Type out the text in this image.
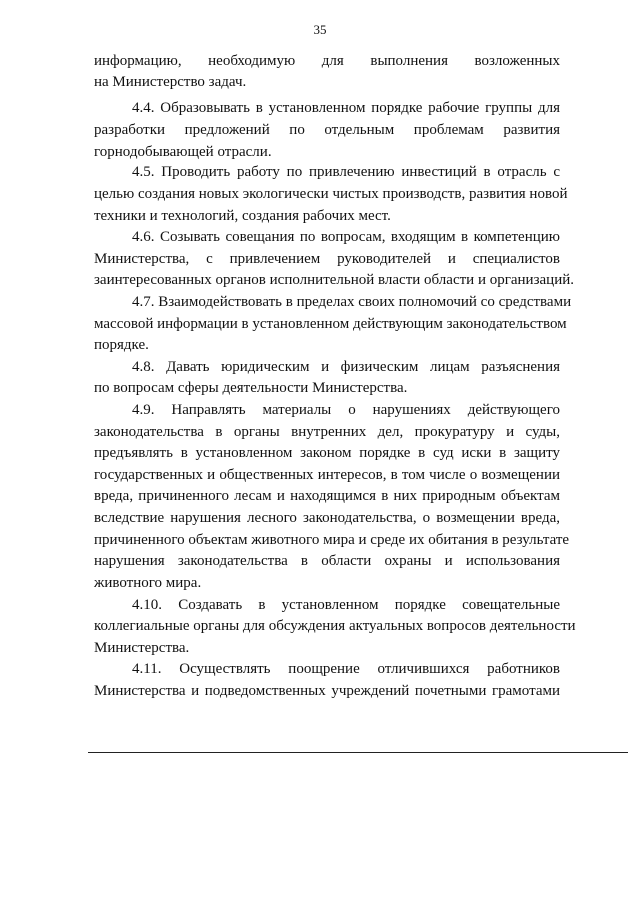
35
информацию, необходимую для выполнения возложенных
на Министерство задач.
4.4. Образовывать в установленном порядке рабочие группы для
разработки предложений по отдельным проблемам развития
горнодобывающей отрасли.
4.5. Проводить работу по привлечению инвестиций в отрасль с
целью создания новых экологически чистых производств, развития новой
техники и технологий, создания рабочих мест.
4.6. Созывать совещания по вопросам, входящим в компетенцию
Министерства, с привлечением руководителей и специалистов
заинтересованных органов исполнительной власти области и организаций.
4.7. Взаимодействовать в пределах своих полномочий со средствами
массовой информации в установленном действующим законодательством
порядке.
4.8. Давать юридическим и физическим лицам разъяснения
по вопросам сферы деятельности Министерства.
4.9. Направлять материалы о нарушениях действующего
законодательства в органы внутренних дел, прокуратуру и суды,
предъявлять в установленном законом порядке в суд иски в защиту
государственных и общественных интересов, в том числе о возмещении
вреда, причиненного лесам и находящимся в них природным объектам
вследствие нарушения лесного законодательства, о возмещении вреда,
причиненного объектам животного мира и среде их обитания в результате
нарушения законодательства в области охраны и использования
животного мира.
4.10. Создавать в установленном порядке совещательные
коллегиальные органы для обсуждения актуальных вопросов деятельности
Министерства.
4.11. Осуществлять поощрение отличившихся работников
Министерства и подведомственных учреждений почетными грамотами
